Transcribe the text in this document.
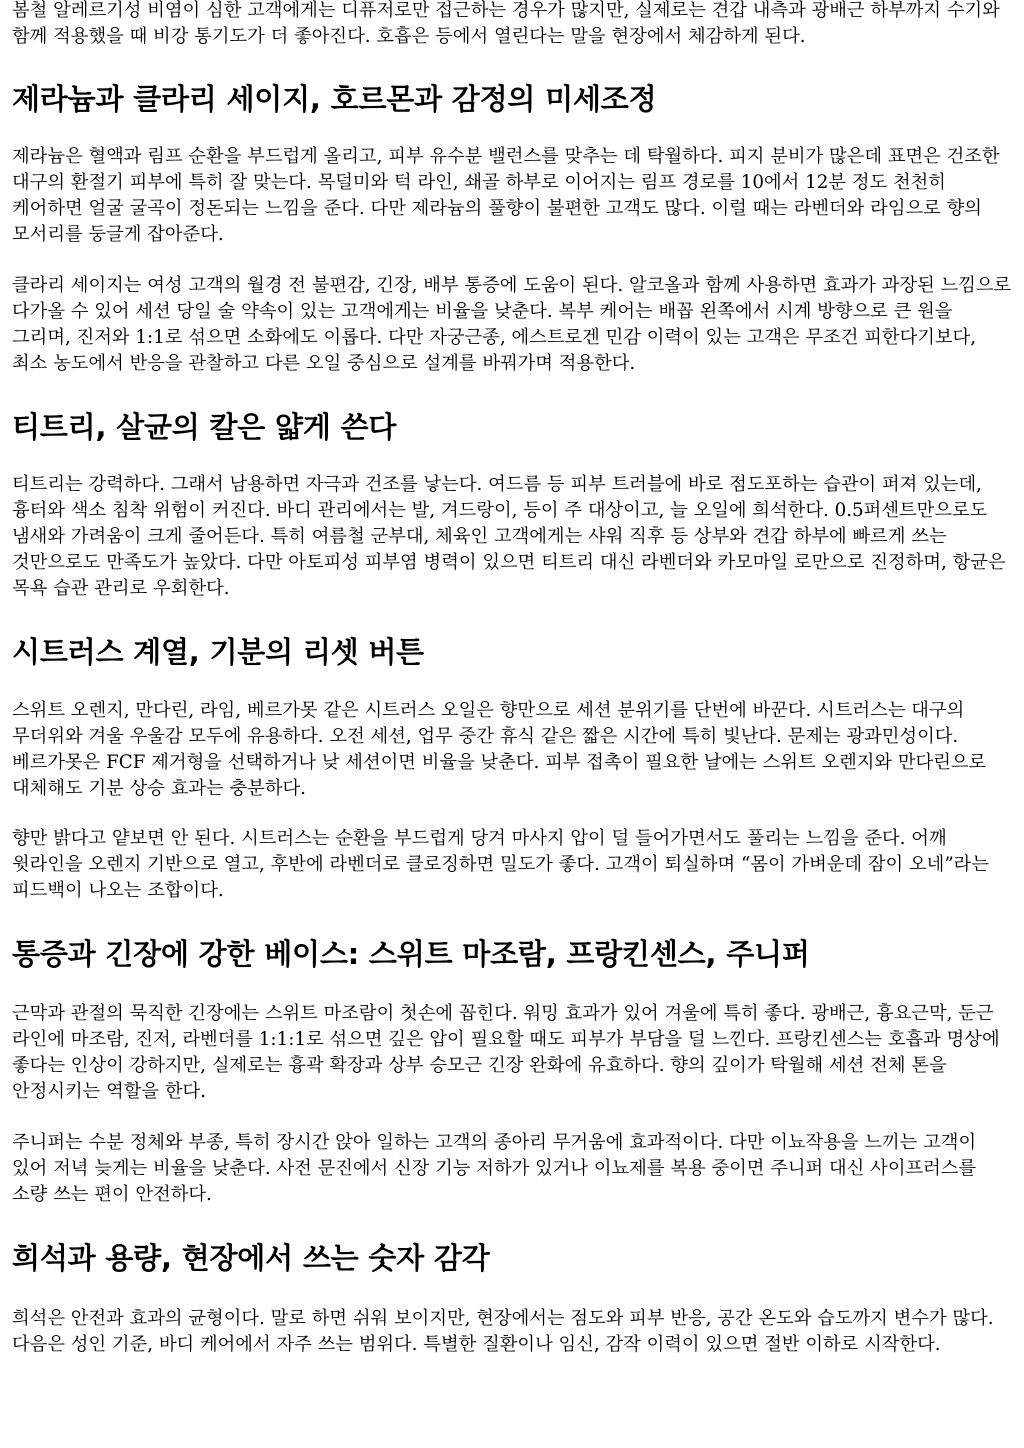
봄철 알레르기성 비염이 심한 고객에게는 디퓨저로만 접근하는 경우가 많지만, 실제로는 견갑 내측과 광배근 하부까지 수기와 함께 적용했을 때 비강 통기도가 더 좋아진다. 호흡은 등에서 열린다는 말을 현장에서 체감하게 된다.

제라늄과 클라리 세이지, 호르몬과 감정의 미세조정

제라늄은 혈액과 림프 순환을 부드럽게 올리고, 피부 유수분 밸런스를 맞추는 데 탁월하다. 피지 분비가 많은데 표면은 건조한 대구의 환절기 피부에 특히 잘 맞는다. 목덜미와 턱 라인, 쇄골 하부로 이어지는 림프 경로를 10에서 12분 정도 천천히 케어하면 얼굴 굴곡이 정돈되는 느낌을 준다. 다만 제라늄의 풀향이 불편한 고객도 많다. 이럴 때는 라벤더와 라임으로 향의 모서리를 둥글게 잡아준다.

클라리 세이지는 여성 고객의 월경 전 불편감, 긴장, 배부 통증에 도움이 된다. 알코올과 함께 사용하면 효과가 과장된 느낌으로 다가올 수 있어 세션 당일 술 약속이 있는 고객에게는 비율을 낮춘다. 복부 케어는 배꼽 왼쪽에서 시계 방향으로 큰 원을 그리며, 진저와 1:1로 섞으면 소화에도 이롭다. 다만 자궁근종, 에스트로겐 민감 이력이 있는 고객은 무조건 피한다기보다, 최소 농도에서 반응을 관찰하고 다른 오일 중심으로 설계를 바꿔가며 적용한다.

티트리, 살균의 칼은 얇게 쓴다

티트리는 강력하다. 그래서 남용하면 자극과 건조를 낳는다. 여드름 등 피부 트러블에 바로 점도포하는 습관이 퍼져 있는데, 흉터와 색소 침착 위험이 커진다. 바디 관리에서는 발, 겨드랑이, 등이 주 대상이고, 늘 오일에 희석한다. 0.5퍼센트만으로도 냄새와 가려움이 크게 줄어든다. 특히 여름철 군부대, 체육인 고객에게는 샤워 직후 등 상부와 견갑 하부에 빠르게 쓰는 것만으로도 만족도가 높았다. 다만 아토피성 피부염 병력이 있으면 티트리 대신 라벤더와 카모마일 로만으로 진정하며, 항균은 목욕 습관 관리로 우회한다.

시트러스 계열, 기분의 리셋 버튼

스위트 오렌지, 만다린, 라임, 베르가못 같은 시트러스 오일은 향만으로 세션 분위기를 단번에 바꾼다. 시트러스는 대구의 무더위와 겨울 우울감 모두에 유용하다. 오전 세션, 업무 중간 휴식 같은 짧은 시간에 특히 빛난다. 문제는 광과민성이다. 베르가못은 FCF 제거형을 선택하거나 낮 세션이면 비율을 낮춘다. 피부 접촉이 필요한 날에는 스위트 오렌지와 만다린으로 대체해도 기분 상승 효과는 충분하다.

향만 밝다고 얕보면 안 된다. 시트러스는 순환을 부드럽게 당겨 마사지 압이 덜 들어가면서도 풀리는 느낌을 준다. 어깨 윗라인을 오렌지 기반으로 열고, 후반에 라벤더로 클로징하면 밀도가 좋다. 고객이 퇴실하며 “몸이 가벼운데 잠이 오네”라는 피드백이 나오는 조합이다.

통증과 긴장에 강한 베이스: 스위트 마조람, 프랑킨센스, 주니퍼

근막과 관절의 묵직한 긴장에는 스위트 마조람이 첫손에 꼽힌다. 워밍 효과가 있어 겨울에 특히 좋다. 광배근, 흉요근막, 둔근 라인에 마조람, 진저, 라벤더를 1:1:1로 섞으면 깊은 압이 필요할 때도 피부가 부담을 덜 느낀다. 프랑킨센스는 호흡과 명상에 좋다는 인상이 강하지만, 실제로는 흉곽 확장과 상부 승모근 긴장 완화에 유효하다. 향의 깊이가 탁월해 세션 전체 톤을 안정시키는 역할을 한다.

주니퍼는 수분 정체와 부종, 특히 장시간 앉아 일하는 고객의 종아리 무거움에 효과적이다. 다만 이뇨작용을 느끼는 고객이 있어 저녁 늦게는 비율을 낮춘다. 사전 문진에서 신장 기능 저하가 있거나 이뇨제를 복용 중이면 주니퍼 대신 사이프러스를 소량 쓰는 편이 안전하다.

희석과 용량, 현장에서 쓰는 숫자 감각

희석은 안전과 효과의 균형이다. 말로 하면 쉬워 보이지만, 현장에서는 점도와 피부 반응, 공간 온도와 습도까지 변수가 많다. 다음은 성인 기준, 바디 케어에서 자주 쓰는 범위다. 특별한 질환이나 임신, 감작 이력이 있으면 절반 이하로 시작한다.
